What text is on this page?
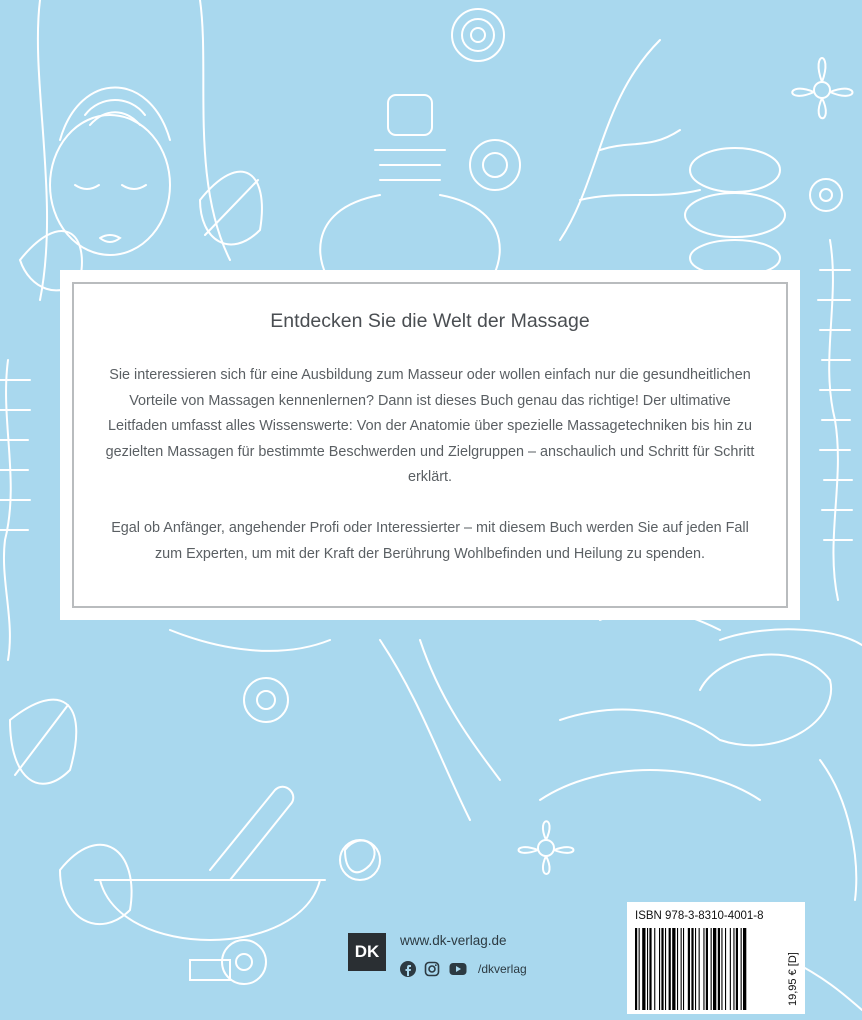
Entdecken Sie die Welt der Massage

Sie interessieren sich für eine Ausbildung zum Masseur oder wollen einfach nur die gesundheitlichen Vorteile von Massagen kennenlernen? Dann ist dieses Buch genau das richtige! Der ultimative Leitfaden umfasst alles Wissenswerte: Von der Anatomie über spezielle Massagetechniken bis hin zu gezielten Massagen für bestimmte Beschwerden und Zielgruppen – anschaulich und Schritt für Schritt erklärt.

Egal ob Anfänger, angehender Profi oder Interessierter – mit diesem Buch werden Sie auf jeden Fall zum Experten, um mit der Kraft der Berührung Wohlbefinden und Heilung zu spenden.

DK
www.dk-verlag.de
/dkverlag
ISBN 978-3-8310-4001-8
19,95 € [D]
